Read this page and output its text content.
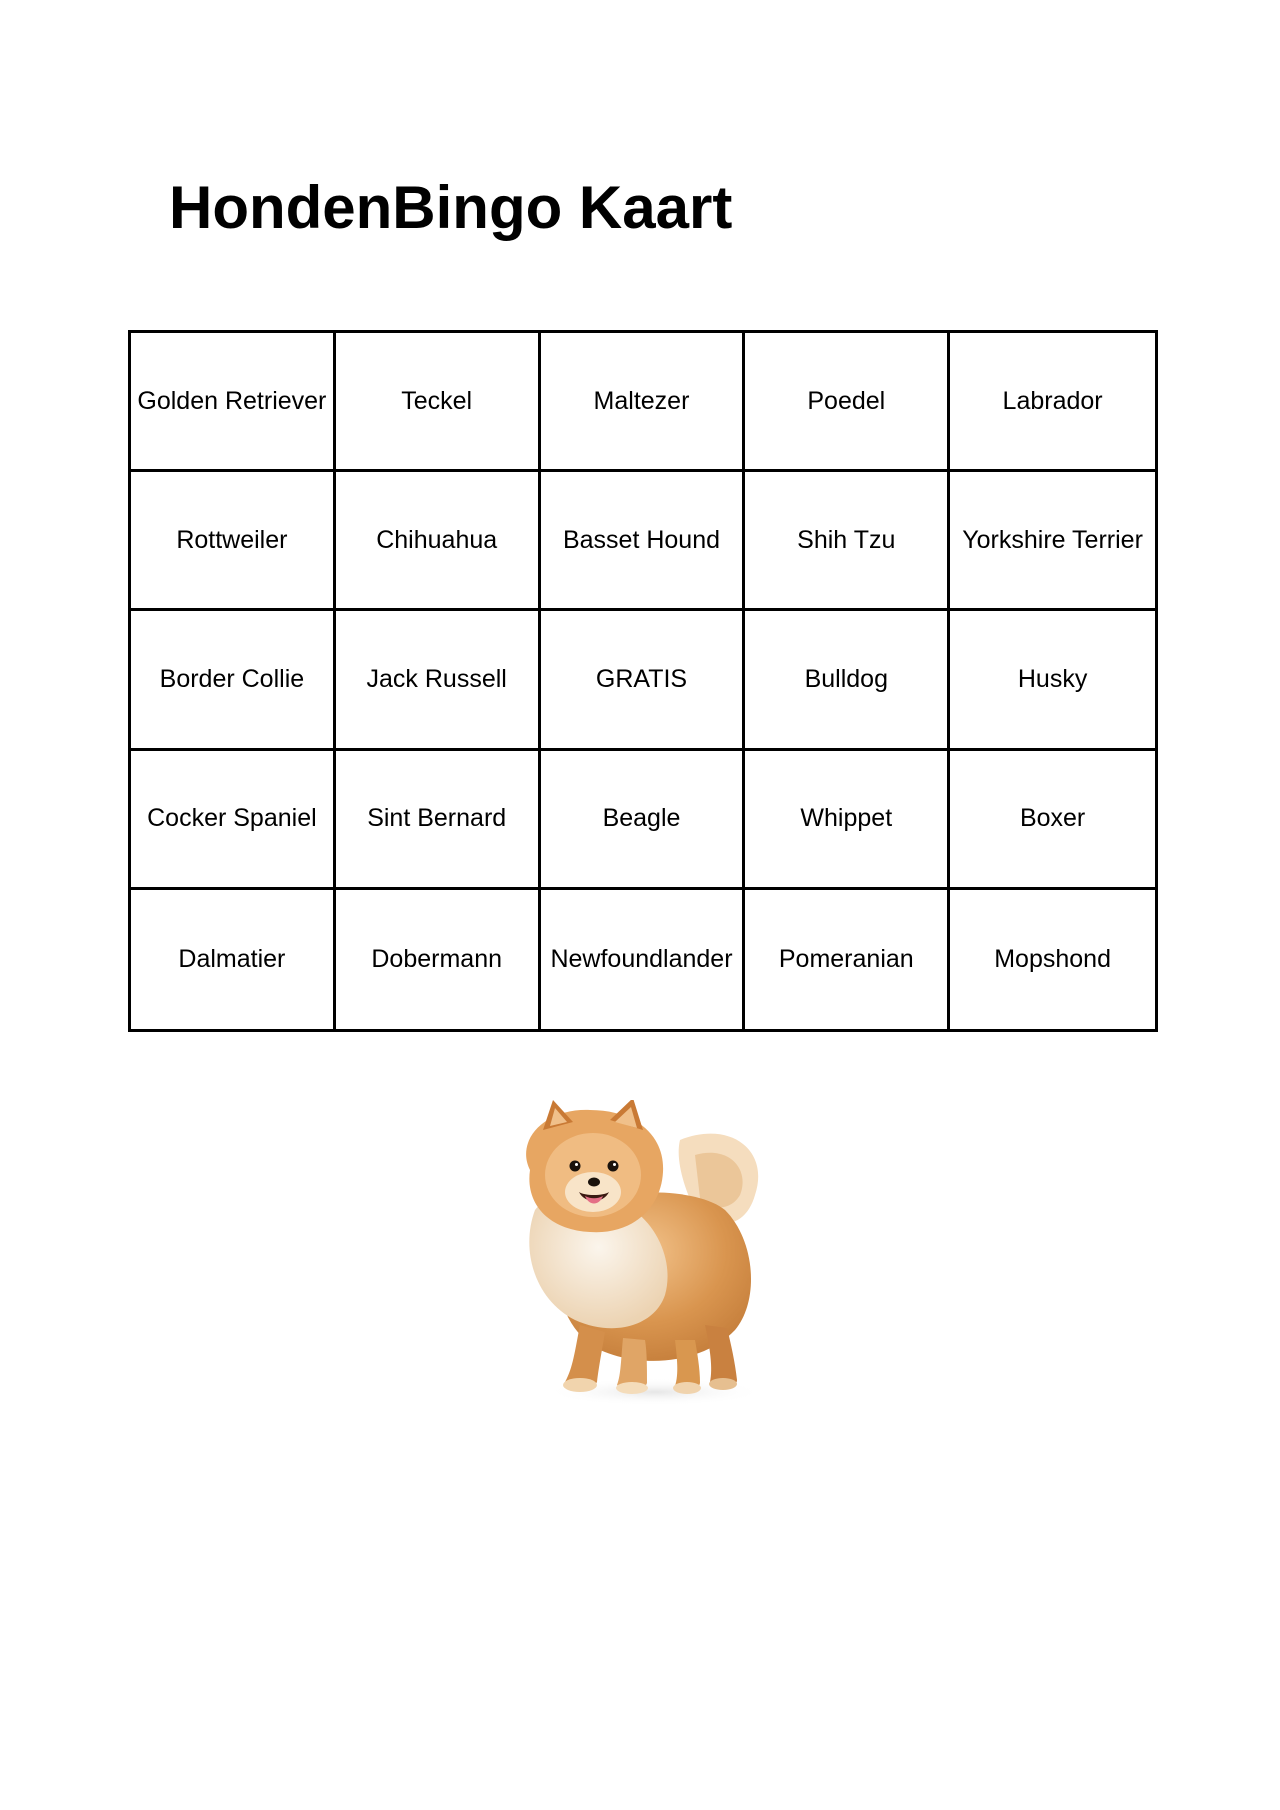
HondenBingo Kaart
Golden Retriever	Teckel	Maltezer	Poedel	Labrador
Rottweiler	Chihuahua	Basset Hound	Shih Tzu	Yorkshire Terrier
Border Collie	Jack Russell	GRATIS	Bulldog	Husky
Cocker Spaniel	Sint Bernard	Beagle	Whippet	Boxer
Dalmatier	Dobermann	Newfoundlander	Pomeranian	Mopshond
